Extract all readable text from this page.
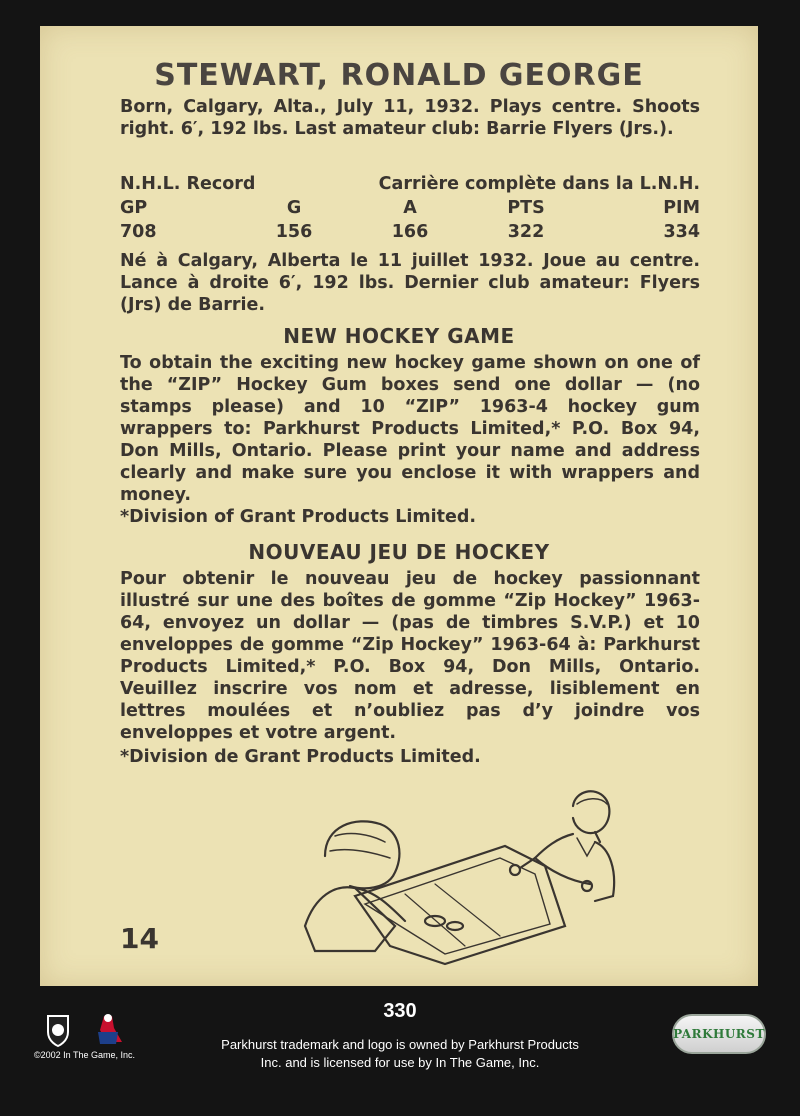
STEWART, RONALD GEORGE
Born, Calgary, Alta., July 11, 1932. Plays centre. Shoots right. 6′, 192 lbs. Last amateur club: Barrie Flyers (Jrs.).
N.H.L. Record	Carrière complète dans la L.N.H.
GP	G	A	PTS	PIM
708	156	166	322	334
Né à Calgary, Alberta le 11 juillet 1932. Joue au centre. Lance à droite 6′, 192 lbs. Dernier club amateur: Flyers (Jrs) de Barrie.
NEW HOCKEY GAME
To obtain the exciting new hockey game shown on one of the “ZIP” Hockey Gum boxes send one dollar — (no stamps please) and 10 “ZIP” 1963-4 hockey gum wrappers to: Parkhurst Products Limited,* P.O. Box 94, Don Mills, Ontario. Please print your name and address clearly and make sure you enclose it with wrappers and money.
*Division of Grant Products Limited.
NOUVEAU JEU DE HOCKEY
Pour obtenir le nouveau jeu de hockey passionnant illustré sur une des boîtes de gomme “Zip Hockey” 1963-64, envoyez un dollar — (pas de timbres S.V.P.) et 10 enveloppes de gomme “Zip Hockey” 1963-64 à: Parkhurst Products Limited,* P.O. Box 94, Don Mills, Ontario. Veuillez inscrire vos nom et adresse, lisiblement en lettres moulées et n’oubliez pas d’y joindre vos enveloppes et votre argent.
*Division de Grant Products Limited.
14
©2002 In The Game, Inc.
330
Parkhurst trademark and logo is owned by Parkhurst Products
Inc. and is licensed for use by In The Game, Inc.
PARKHURST
